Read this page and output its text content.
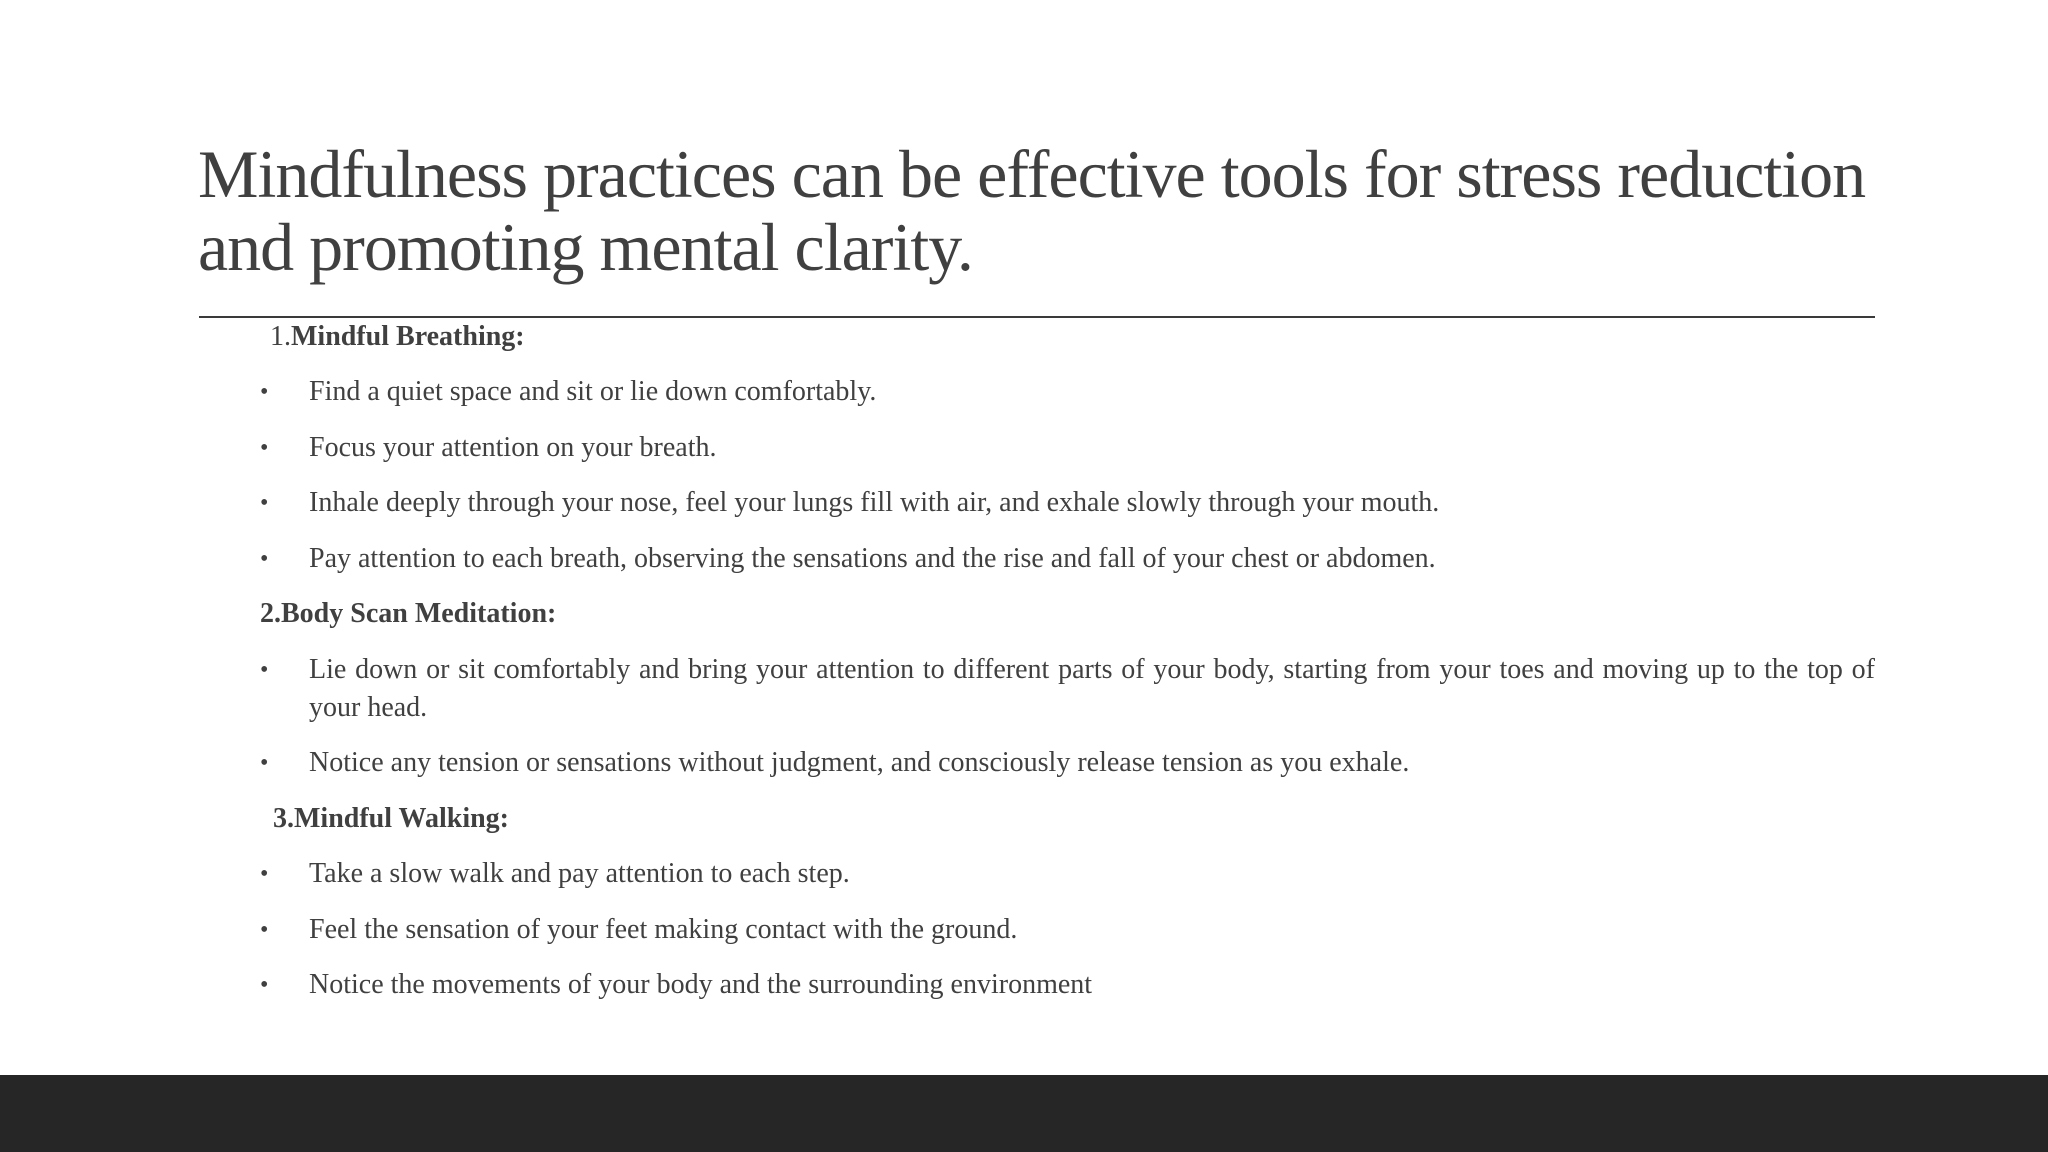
Mindfulness practices can be effective tools for stress reduction and promoting mental clarity.
1.Mindful Breathing:
• Find a quiet space and sit or lie down comfortably.
• Focus your attention on your breath.
• Inhale deeply through your nose, feel your lungs fill with air, and exhale slowly through your mouth.
• Pay attention to each breath, observing the sensations and the rise and fall of your chest or abdomen.
2.Body Scan Meditation:
• Lie down or sit comfortably and bring your attention to different parts of your body, starting from your toes and moving up to the top of your head.
• Notice any tension or sensations without judgment, and consciously release tension as you exhale.
3.Mindful Walking:
• Take a slow walk and pay attention to each step.
• Feel the sensation of your feet making contact with the ground.
• Notice the movements of your body and the surrounding environment
